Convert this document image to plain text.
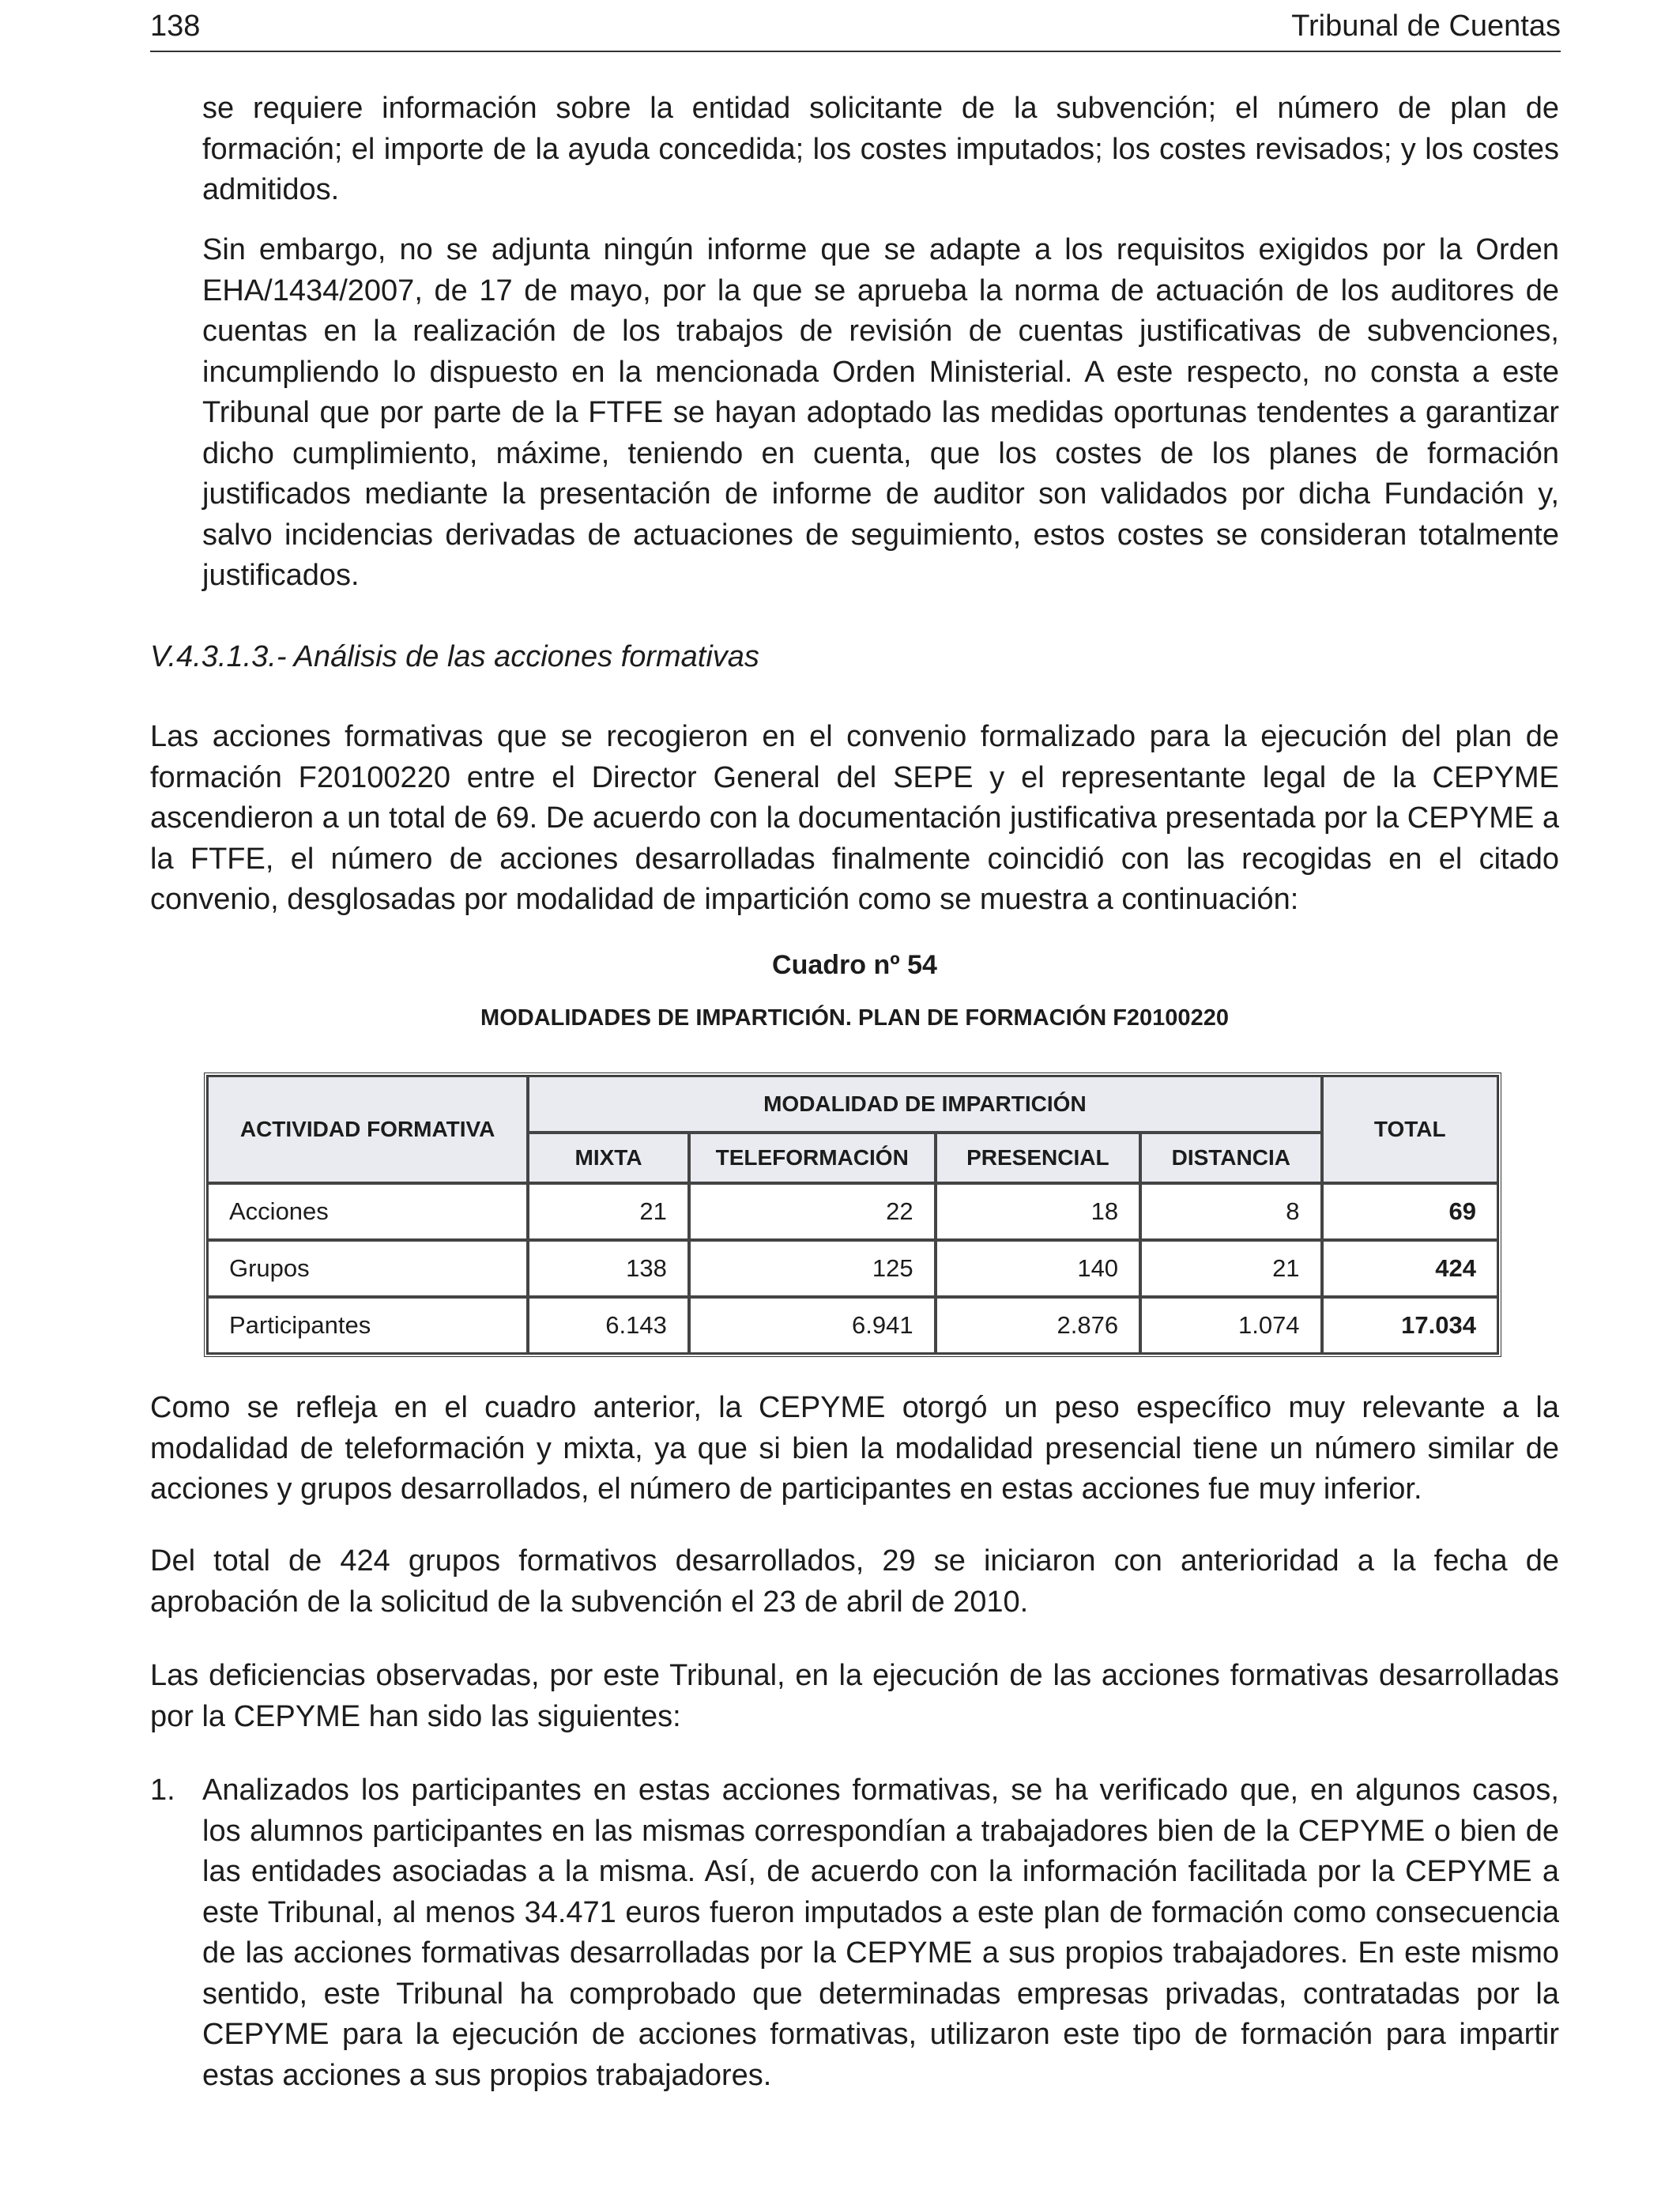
138	Tribunal de Cuentas

se requiere información sobre la entidad solicitante de la subvención; el número de plan de formación; el importe de la ayuda concedida; los costes imputados; los costes revisados; y los costes admitidos.

Sin embargo, no se adjunta ningún informe que se adapte a los requisitos exigidos por la Orden EHA/1434/2007, de 17 de mayo, por la que se aprueba la norma de actuación de los auditores de cuentas en la realización de los trabajos de revisión de cuentas justificativas de subvenciones, incumpliendo lo dispuesto en la mencionada Orden Ministerial. A este respecto, no consta a este Tribunal que por parte de la FTFE se hayan adoptado las medidas oportunas tendentes a garantizar dicho cumplimiento, máxime, teniendo en cuenta, que los costes de los planes de formación justificados mediante la presentación de informe de auditor son validados por dicha Fundación y, salvo incidencias derivadas de actuaciones de seguimiento, estos costes se consideran totalmente justificados.

V.4.3.1.3.- Análisis de las acciones formativas

Las acciones formativas que se recogieron en el convenio formalizado para la ejecución del plan de formación F20100220 entre el Director General del SEPE y el representante legal de la CEPYME ascendieron a un total de 69. De acuerdo con la documentación justificativa presentada por la CEPYME a la FTFE, el número de acciones desarrolladas finalmente coincidió con las recogidas en el citado convenio, desglosadas por modalidad de impartición como se muestra a continuación:

Cuadro nº 54
MODALIDADES DE IMPARTICIÓN. PLAN DE FORMACIÓN F20100220
ACTIVIDAD FORMATIVA	MODALIDAD DE IMPARTICIÓN				TOTAL
	MIXTA	TELEFORMACIÓN	PRESENCIAL	DISTANCIA	
Acciones	21	22	18	8	69
Grupos	138	125	140	21	424
Participantes	6.143	6.941	2.876	1.074	17.034

Como se refleja en el cuadro anterior, la CEPYME otorgó un peso específico muy relevante a la modalidad de teleformación y mixta, ya que si bien la modalidad presencial tiene un número similar de acciones y grupos desarrollados, el número de participantes en estas acciones fue muy inferior.

Del total de 424 grupos formativos desarrollados, 29 se iniciaron con anterioridad a la fecha de aprobación de la solicitud de la subvención el 23 de abril de 2010.

Las deficiencias observadas, por este Tribunal, en la ejecución de las acciones formativas desarrolladas por la CEPYME han sido las siguientes:

1. Analizados los participantes en estas acciones formativas, se ha verificado que, en algunos casos, los alumnos participantes en las mismas correspondían a trabajadores bien de la CEPYME o bien de las entidades asociadas a la misma. Así, de acuerdo con la información facilitada por la CEPYME a este Tribunal, al menos 34.471 euros fueron imputados a este plan de formación como consecuencia de las acciones formativas desarrolladas por la CEPYME a sus propios trabajadores. En este mismo sentido, este Tribunal ha comprobado que determinadas empresas privadas, contratadas por la CEPYME para la ejecución de acciones formativas, utilizaron este tipo de formación para impartir estas acciones a sus propios trabajadores.
